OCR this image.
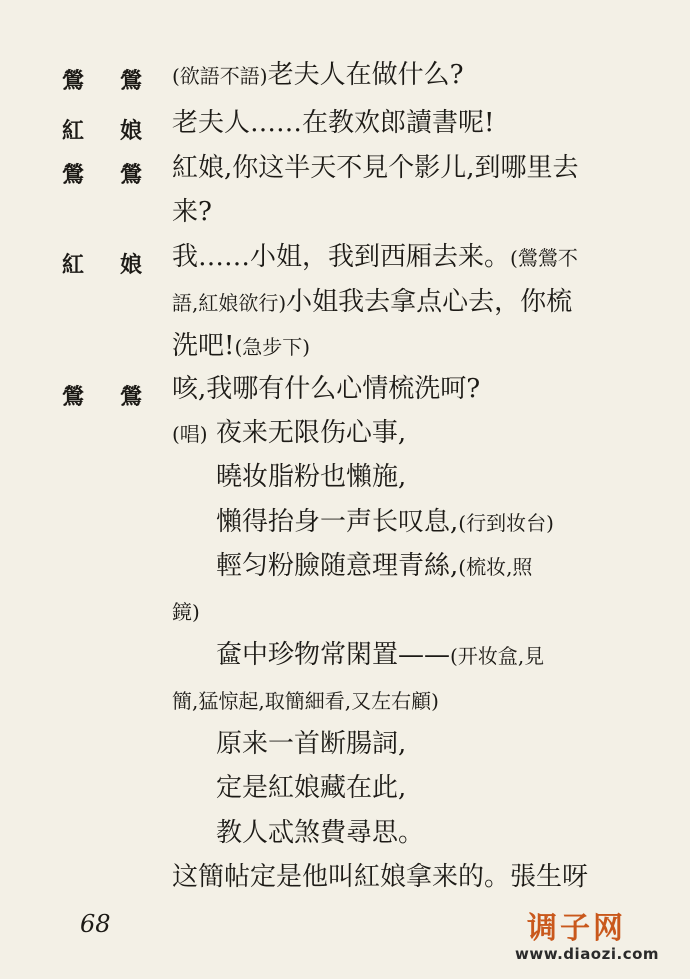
鶯 鶯 (欲語不語)老夫人在做什么?
紅 娘 老夫人……在教欢郎讀書呢!
鶯 鶯 紅娘,你这半天不見个影儿,到哪里去
来?
紅 娘 我……小姐，我到西厢去来。(鶯鶯不
語,紅娘欲行)小姐我去拿点心去，你梳
洗吧!(急步下)
鶯 鶯 咳,我哪有什么心情梳洗呵?
(唱) 夜来无限伤心事,
曉妆脂粉也懶施,
懶得抬身一声长叹息,(行到妆台)
輕匀粉臉随意理青絲,(梳妆,照
鏡)
奩中珍物常閑置——(开妆盒,見
簡,猛惊起,取簡細看,又左右顧)
原来一首断腸詞,
定是紅娘藏在此,
教人忒煞費尋思。
这簡帖定是他叫紅娘拿来的。張生呀
68	调子网
www.diaozi.com
